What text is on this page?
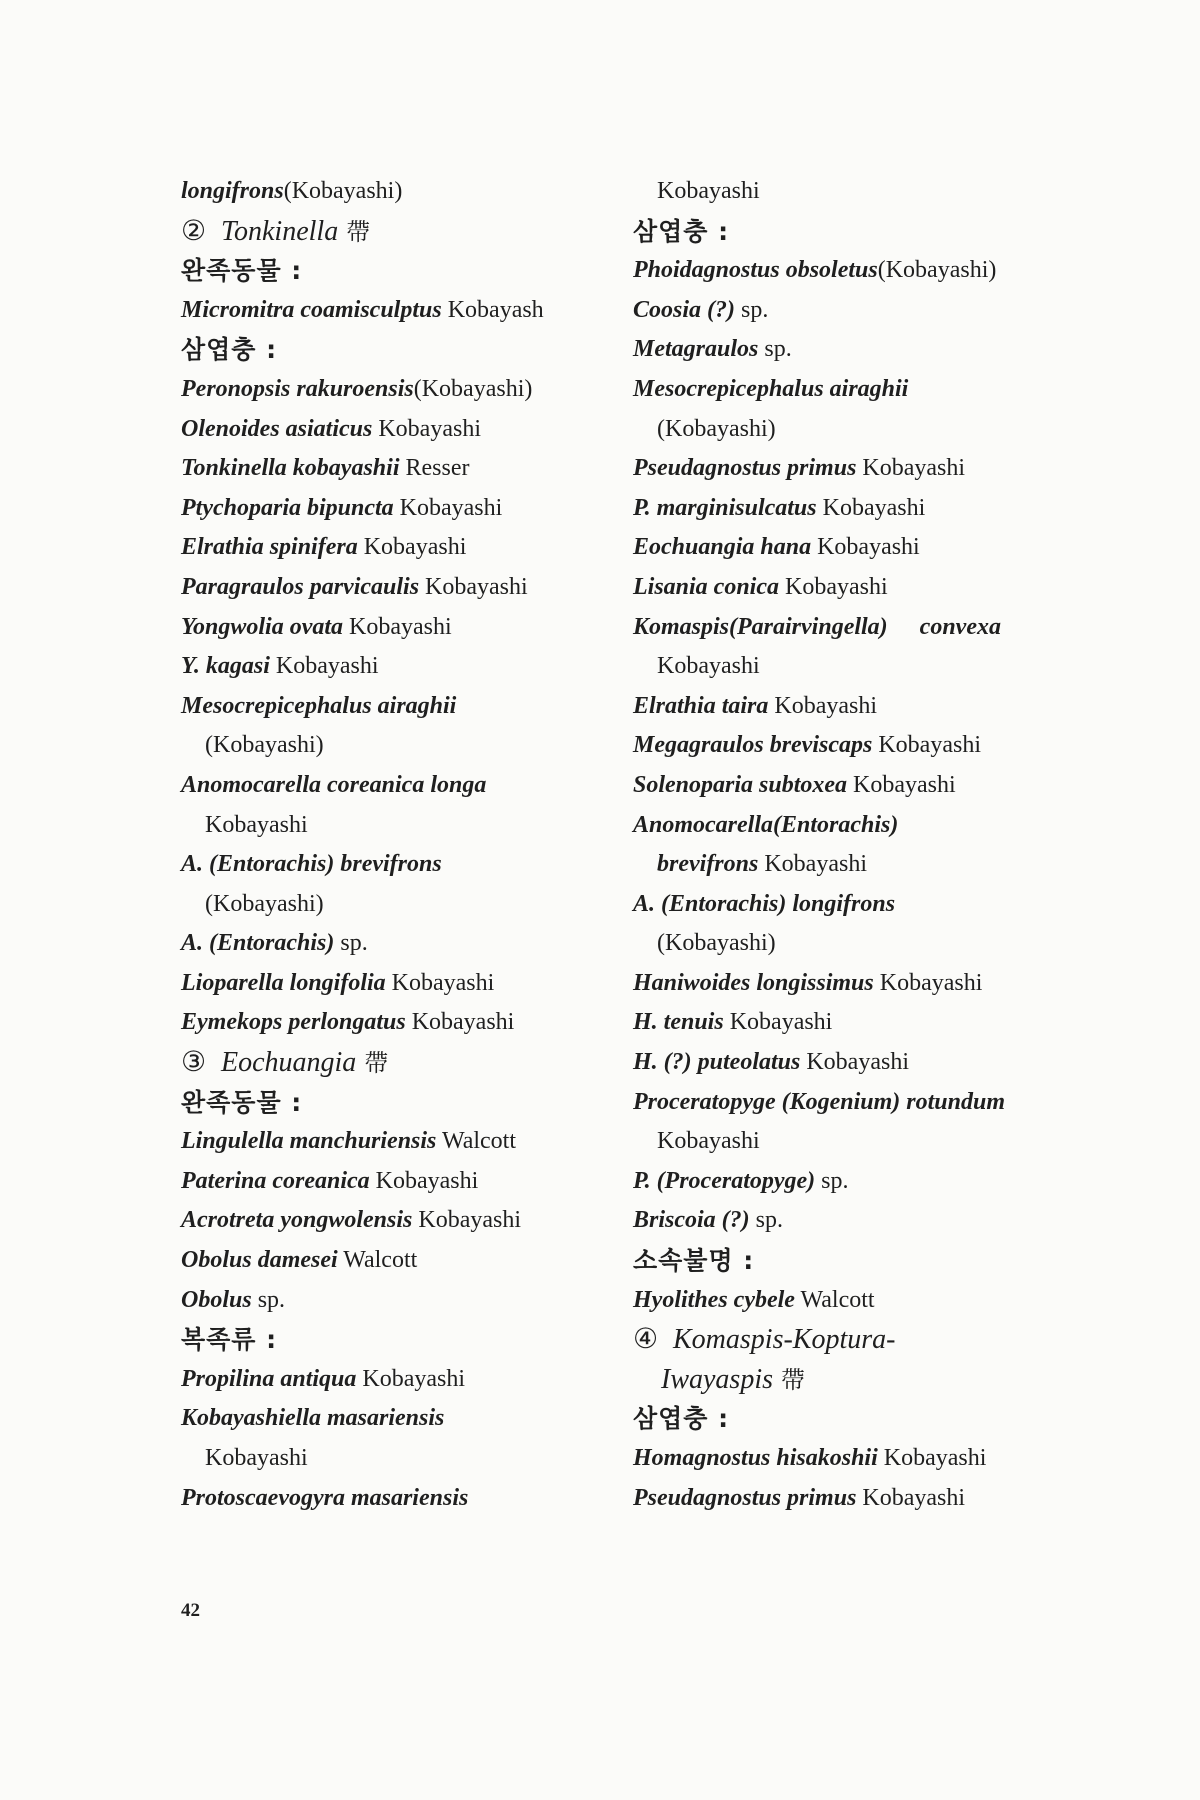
longifrons(Kobayashi)
② Tonkinella 帶
완족동물 :
Micromitra coamisculptus Kobayash
삼엽충 :
Peronopsis rakuroensis(Kobayashi)
Olenoides asiaticus Kobayashi
Tonkinella kobayashii Resser
Ptychoparia bipuncta Kobayashi
Elrathia spinifera Kobayashi
Paragraulos parvicaulis Kobayashi
Yongwolia ovata Kobayashi
Y. kagasi Kobayashi
Mesocrepicephalus airaghii
(Kobayashi)
Anomocarella coreanica longa
Kobayashi
A. (Entorachis) brevifrons
(Kobayashi)
A. (Entorachis) sp.
Lioparella longifolia Kobayashi
Eymekops perlongatus Kobayashi
③ Eochuangia 帶
완족동물 :
Lingulella manchuriensis Walcott
Paterina coreanica Kobayashi
Acrotreta yongwolensis Kobayashi
Obolus damesei Walcott
Obolus sp.
복족류 :
Propilina antiqua Kobayashi
Kobayashiella masariensis
Kobayashi
Protoscaevogyra masariensis
Kobayashi
삼엽충 :
Phoidagnostus obsoletus(Kobayashi)
Coosia (?) sp.
Metagraulos sp.
Mesocrepicephalus airaghii
(Kobayashi)
Pseudagnostus primus Kobayashi
P. marginisulcatus Kobayashi
Eochuangia hana Kobayashi
Lisania conica Kobayashi
Komaspis(Parairvingella) convexa
Kobayashi
Elrathia taira Kobayashi
Megagraulos breviscaps Kobayashi
Solenoparia subtoxea Kobayashi
Anomocarella(Entorachis)
brevifrons Kobayashi
A. (Entorachis) longifrons
(Kobayashi)
Haniwoides longissimus Kobayashi
H. tenuis Kobayashi
H. (?) puteolatus Kobayashi
Proceratopyge (Kogenium) rotundum
Kobayashi
P. (Proceratopyge) sp.
Briscoia (?) sp.
소속불명 :
Hyolithes cybele Walcott
④ Komaspis-Koptura-
Iwayaspis 帶
삼엽충 :
Homagnostus hisakoshii Kobayashi
Pseudagnostus primus Kobayashi
42
